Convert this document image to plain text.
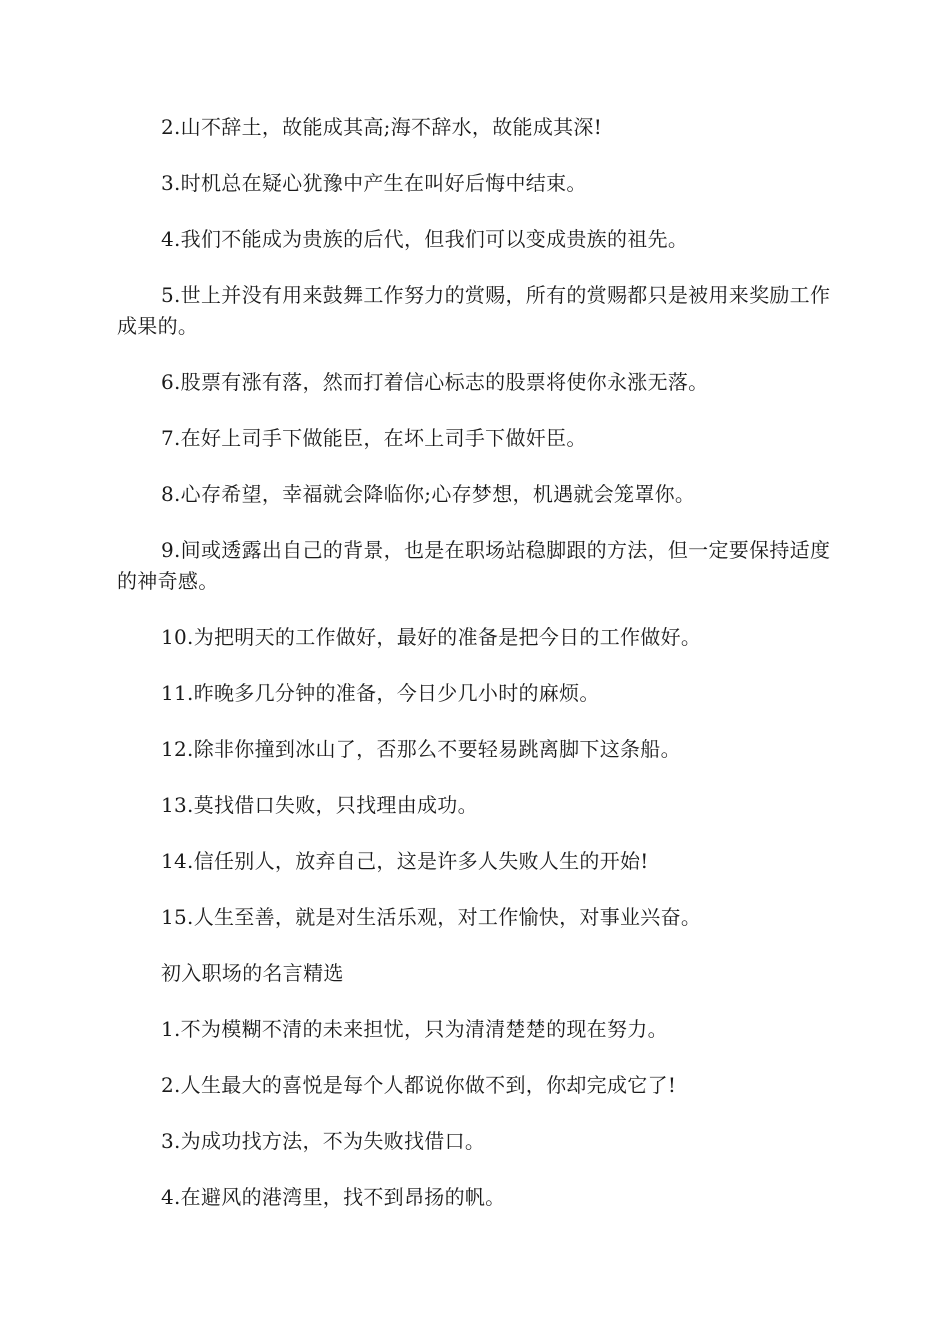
2.山不辞土，故能成其高;海不辞水，故能成其深!

3.时机总在疑心犹豫中产生在叫好后悔中结束。

4.我们不能成为贵族的后代，但我们可以变成贵族的祖先。

5.世上并没有用来鼓舞工作努力的赏赐，所有的赏赐都只是被用来奖励工作成果的。

6.股票有涨有落，然而打着信心标志的股票将使你永涨无落。

7.在好上司手下做能臣，在坏上司手下做奸臣。

8.心存希望，幸福就会降临你;心存梦想，机遇就会笼罩你。

9.间或透露出自己的背景，也是在职场站稳脚跟的方法，但一定要保持适度的神奇感。

10.为把明天的工作做好，最好的准备是把今日的工作做好。

11.昨晚多几分钟的准备，今日少几小时的麻烦。

12.除非你撞到冰山了，否那么不要轻易跳离脚下这条船。

13.莫找借口失败，只找理由成功。

14.信任别人，放弃自己，这是许多人失败人生的开始!

15.人生至善，就是对生活乐观，对工作愉快，对事业兴奋。

初入职场的名言精选

1.不为模糊不清的未来担忧，只为清清楚楚的现在努力。

2.人生最大的喜悦是每个人都说你做不到，你却完成它了!

3.为成功找方法，不为失败找借口。

4.在避风的港湾里，找不到昂扬的帆。
